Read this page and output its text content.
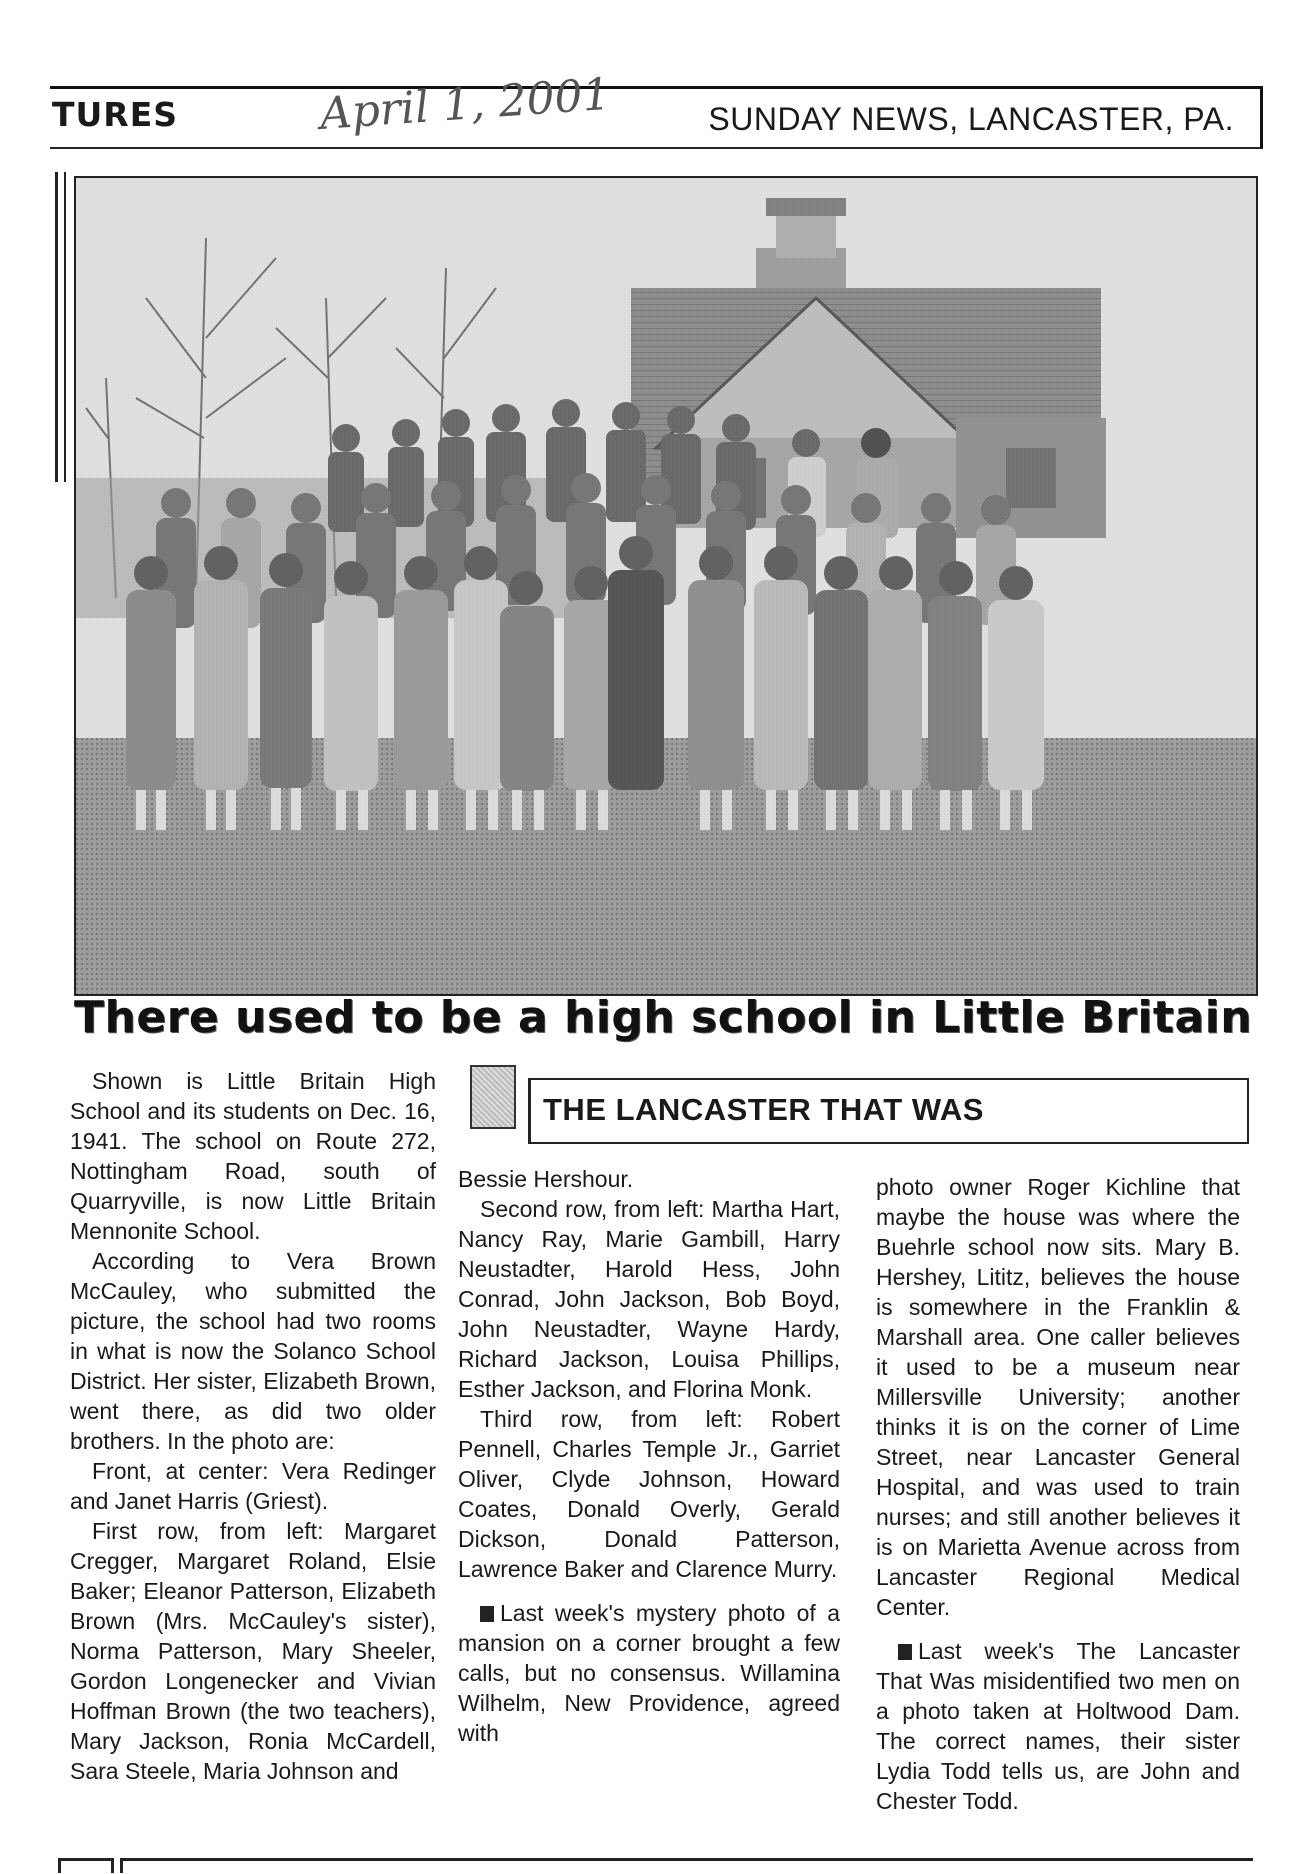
TURES	April 1, 2001	SUNDAY NEWS, LANCASTER, PA.
There used to be a high school in Little Britain
THE LANCASTER THAT WAS

Shown is Little Britain High School and its students on Dec. 16, 1941. The school on Route 272, Nottingham Road, south of Quarryville, is now Little Britain Mennonite School.

According to Vera Brown McCauley, who submitted the picture, the school had two rooms in what is now the Solanco School District. Her sister, Elizabeth Brown, went there, as did two older brothers. In the photo are:

Front, at center: Vera Redinger and Janet Harris (Griest).

First row, from left: Margaret Cregger, Margaret Roland, Elsie Baker; Eleanor Patterson, Elizabeth Brown (Mrs. McCauley's sister), Norma Patterson, Mary Sheeler, Gordon Longenecker and Vivian Hoffman Brown (the two teachers), Mary Jackson, Ronia McCardell, Sara Steele, Maria Johnson and

Bessie Hershour.

Second row, from left: Martha Hart, Nancy Ray, Marie Gambill, Harry Neustadter, Harold Hess, John Conrad, John Jackson, Bob Boyd, John Neustadter, Wayne Hardy, Richard Jackson, Louisa Phillips, Esther Jackson, and Florina Monk.

Third row, from left: Robert Pennell, Charles Temple Jr., Garriet Oliver, Clyde Johnson, Howard Coates, Donald Overly, Gerald Dickson, Donald Patterson, Lawrence Baker and Clarence Murry.

Last week's mystery photo of a mansion on a corner brought a few calls, but no consensus. Willamina Wilhelm, New Providence, agreed with

photo owner Roger Kichline that maybe the house was where the Buehrle school now sits. Mary B. Hershey, Lititz, believes the house is somewhere in the Franklin & Marshall area. One caller believes it used to be a museum near Millersville University; another thinks it is on the corner of Lime Street, near Lancaster General Hospital, and was used to train nurses; and still another believes it is on Marietta Avenue across from Lancaster Regional Medical Center.

Last week's The Lancaster That Was misidentified two men on a photo taken at Holtwood Dam. The correct names, their sister Lydia Todd tells us, are John and Chester Todd.
